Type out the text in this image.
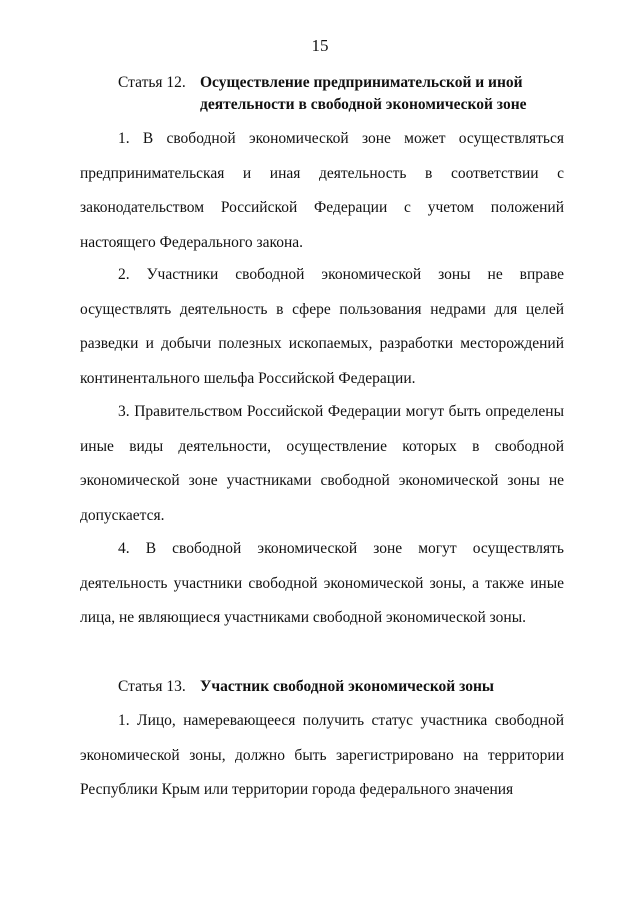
15
Статья 12. Осуществление предпринимательской и иной деятельности в свободной экономической зоне

1. В свободной экономической зоне может осуществляться предпринимательская и иная деятельность в соответствии с законодательством Российской Федерации с учетом положений настоящего Федерального закона.

2. Участники свободной экономической зоны не вправе осуществлять деятельность в сфере пользования недрами для целей разведки и добычи полезных ископаемых, разработки месторождений континентального шельфа Российской Федерации.

3. Правительством Российской Федерации могут быть определены иные виды деятельности, осуществление которых в свободной экономической зоне участниками свободной экономической зоны не допускается.

4. В свободной экономической зоне могут осуществлять деятельность участники свободной экономической зоны, а также иные лица, не являющиеся участниками свободной экономической зоны.

Статья 13. Участник свободной экономической зоны

1. Лицо, намеревающееся получить статус участника свободной экономической зоны, должно быть зарегистрировано на территории Республики Крым или территории города федерального значения
